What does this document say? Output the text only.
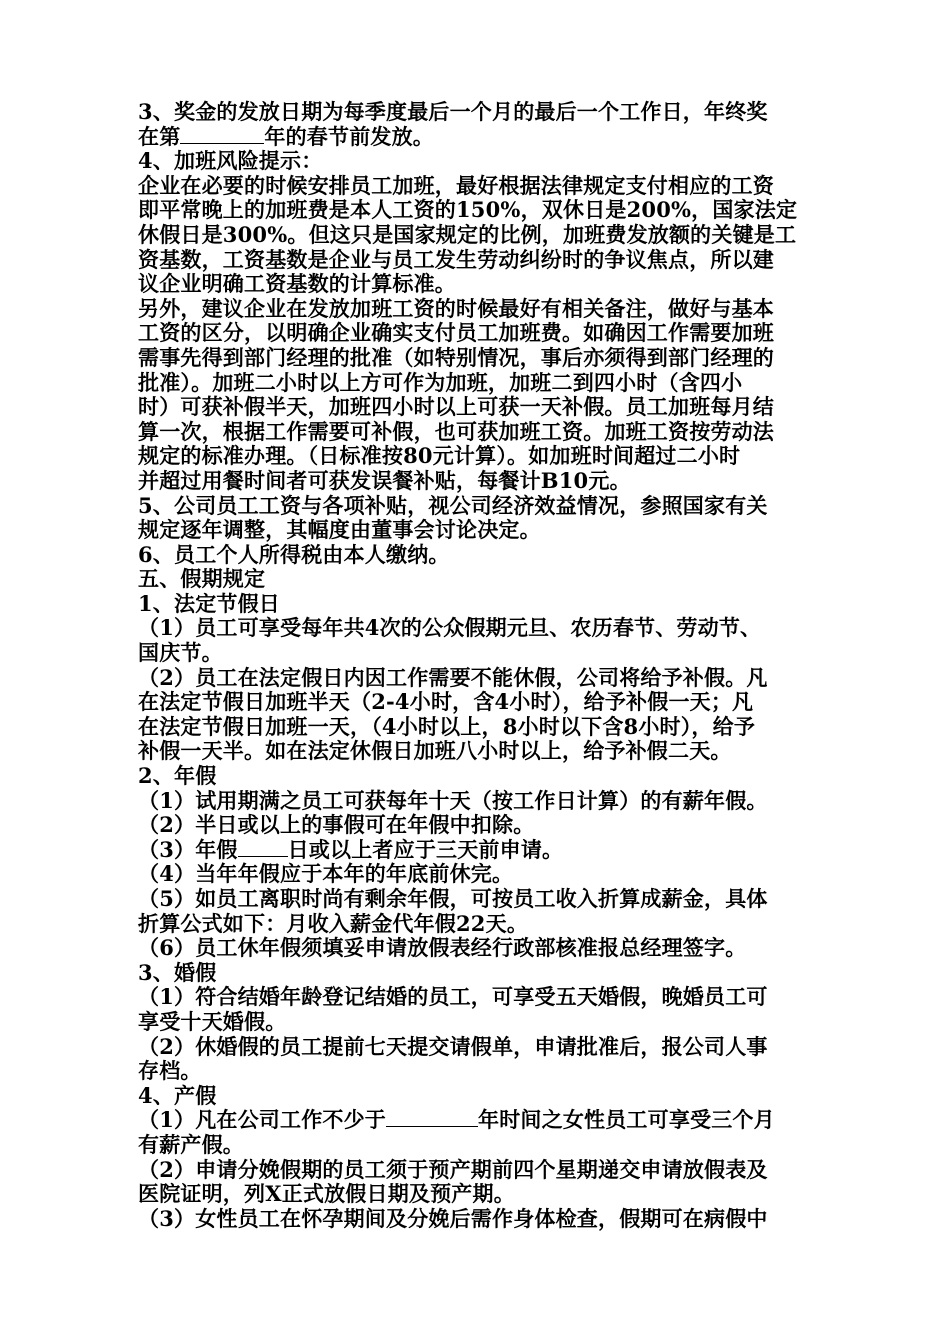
3、奖金的发放日期为每季度最后一个月的最后一个工作日，年终奖
在第	年的春节前发放。
4、加班风险提示：
企业在必要的时候安排员工加班，最好根据法律规定支付相应的工资
即平常晚上的加班费是本人工资的150%，双休日是200%，国家法定
休假日是300%。但这只是国家规定的比例，加班费发放额的关键是工
资基数，工资基数是企业与员工发生劳动纠纷时的争议焦点，所以建
议企业明确工资基数的计算标准。
另外，建议企业在发放加班工资的时候最好有相关备注，做好与基本
工资的区分，以明确企业确实支付员工加班费。如确因工作需要加班
需事先得到部门经理的批准（如特别情况，事后亦须得到部门经理的
批准）。加班二小时以上方可作为加班，加班二到四小时（含四小
时）可获补假半天，加班四小时以上可获一天补假。员工加班每月结
算一次，根据工作需要可补假，也可获加班工资。加班工资按劳动法
规定的标准办理。（日标准按80元计算）。如加班时间超过二小时
并超过用餐时间者可获发误餐补贴，每餐计B10元。
5、公司员工工资与各项补贴，视公司经济效益情况，参照国家有关
规定逐年调整，其幅度由董事会讨论决定。
6、员工个人所得税由本人缴纳。
五、假期规定
1、法定节假日
（1）员工可享受每年共4次的公众假期元旦、农历春节、劳动节、
国庆节。
（2）员工在法定假日内因工作需要不能休假，公司将给予补假。凡
在法定节假日加班半天（2-4小时，含4小时），给予补假一天；凡
在法定节假日加班一天，（4小时以上，8小时以下含8小时），给予
补假一天半。如在法定休假日加班八小时以上，给予补假二天。
2、年假
（1）试用期满之员工可获每年十天（按工作日计算）的有薪年假。
（2）半日或以上的事假可在年假中扣除。
（3）年假 日或以上者应于三天前申请。
（4）当年年假应于本年的年底前休完。
（5）如员工离职时尚有剩余年假，可按员工收入折算成薪金，具体
折算公式如下：月收入薪金代年假22天。
（6）员工休年假须填妥申请放假表经行政部核准报总经理签字。
3、婚假
（1）符合结婚年龄登记结婚的员工，可享受五天婚假，晚婚员工可
享受十天婚假。
（2）休婚假的员工提前七天提交请假单，申请批准后，报公司人事
存档。
4、产假
（1）凡在公司工作不少于	年时间之女性员工可享受三个月
有薪产假。
（2）申请分娩假期的员工须于预产期前四个星期递交申请放假表及
医院证明，列X正式放假日期及预产期。
（3）女性员工在怀孕期间及分娩后需作身体检查，假期可在病假中
